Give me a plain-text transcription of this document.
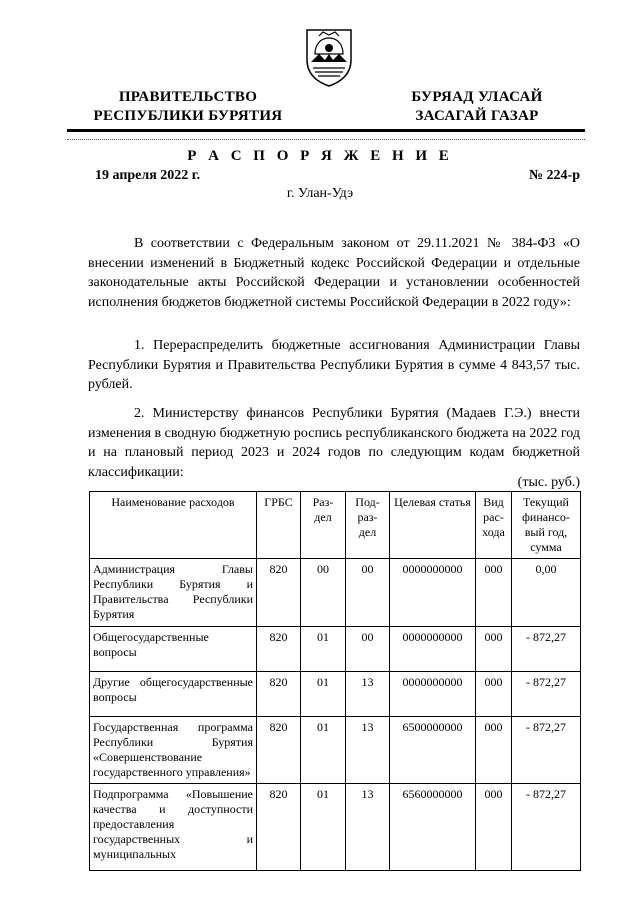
ПРАВИТЕЛЬСТВО
РЕСПУБЛИКИ БУРЯТИЯ
БУРЯАД УЛАСАЙ
ЗАСАГАЙ ГАЗАР
Р А С П О Р Я Ж Е Н И Е
19 апреля 2022 г.	№ 224-р
г. Улан-Удэ

В соответствии с Федеральным законом от 29.11.2021 № 384-ФЗ «О внесении изменений в Бюджетный кодекс Российской Федерации и отдельные законодательные акты Российской Федерации и установлении особенностей исполнения бюджетов бюджетной системы Российской Федерации в 2022 году»:

1. Перераспределить бюджетные ассигнования Администрации Главы Республики Бурятия и Правительства Республики Бурятия в сумме 4 843,57 тыс. рублей.

2. Министерству финансов Республики Бурятия (Мадаев Г.Э.) внести изменения в сводную бюджетную роспись республиканского бюджета на 2022 год и на плановый период 2023 и 2024 годов по следующим кодам бюджетной классификации:

(тыс. руб.)
Наименование расходов	ГРБС	Раз-дел	Под-раз-дел	Целевая статья	Вид рас-хода	Текущий финансо-вый год, сумма
Администрация Главы Республики Бурятия и Правительства Республики Бурятия	820	00	00	0000000000	000	0,00
Общегосударственные вопросы	820	01	00	0000000000	000	- 872,27
Другие общегосударственные вопросы	820	01	13	0000000000	000	- 872,27
Государственная программа Республики Бурятия «Совершенствование государственного управления»	820	01	13	6500000000	000	- 872,27
Подпрограмма «Повышение качества и доступности предоставления государственных и муниципальных	820	01	13	6560000000	000	- 872,27
